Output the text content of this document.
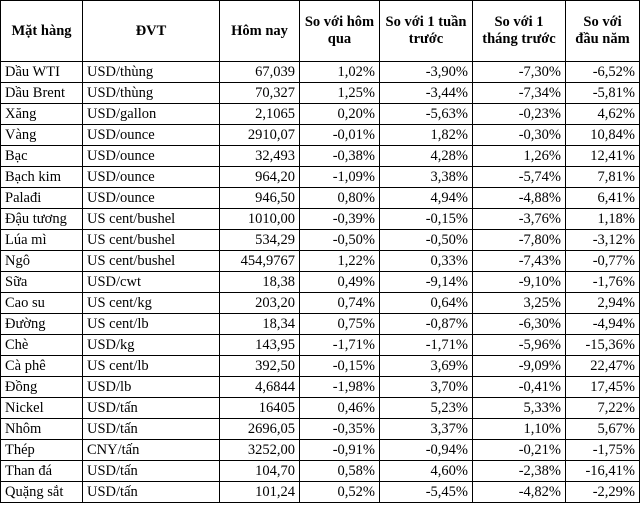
Mặt hàng	ĐVT	Hôm nay	So với hôm qua	So với 1 tuần trước	So với 1 tháng trước	So với đầu năm
Dầu WTI	USD/thùng	67,039	1,02%	-3,90%	-7,30%	-6,52%
Dầu Brent	USD/thùng	70,327	1,25%	-3,44%	-7,34%	-5,81%
Xăng	USD/gallon	2,1065	0,20%	-5,63%	-0,23%	4,62%
Vàng	USD/ounce	2910,07	-0,01%	1,82%	-0,30%	10,84%
Bạc	USD/ounce	32,493	-0,38%	4,28%	1,26%	12,41%
Bạch kim	USD/ounce	964,20	-1,09%	3,38%	-5,74%	7,81%
Palađi	USD/ounce	946,50	0,80%	4,94%	-4,88%	6,41%
Đậu tương	US cent/bushel	1010,00	-0,39%	-0,15%	-3,76%	1,18%
Lúa mì	US cent/bushel	534,29	-0,50%	-0,50%	-7,80%	-3,12%
Ngô	US cent/bushel	454,9767	1,22%	0,33%	-7,43%	-0,77%
Sữa	USD/cwt	18,38	0,49%	-9,14%	-9,10%	-1,76%
Cao su	US cent/kg	203,20	0,74%	0,64%	3,25%	2,94%
Đường	US cent/lb	18,34	0,75%	-0,87%	-6,30%	-4,94%
Chè	USD/kg	143,95	-1,71%	-1,71%	-5,96%	-15,36%
Cà phê	US cent/lb	392,50	-0,15%	3,69%	-9,09%	22,47%
Đồng	USD/lb	4,6844	-1,98%	3,70%	-0,41%	17,45%
Nickel	USD/tấn	16405	0,46%	5,23%	5,33%	7,22%
Nhôm	USD/tấn	2696,05	-0,35%	3,37%	1,10%	5,67%
Thép	CNY/tấn	3252,00	-0,91%	-0,94%	-0,21%	-1,75%
Than đá	USD/tấn	104,70	0,58%	4,60%	-2,38%	-16,41%
Quặng sắt	USD/tấn	101,24	0,52%	-5,45%	-4,82%	-2,29%
